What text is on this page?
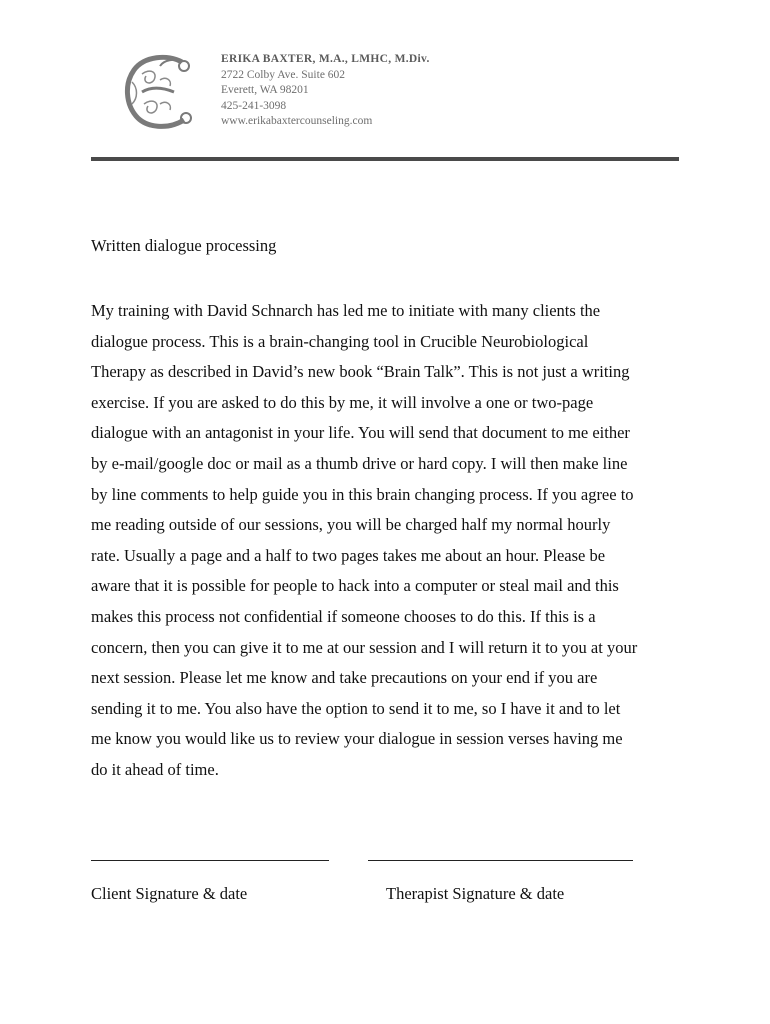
ERIKA BAXTER, M.A., LMHC, M.Div.
2722 Colby Ave. Suite 602
Everett, WA 98201
425-241-3098
www.erikabaxtercounseling.com
Written dialogue processing

My training with David Schnarch has led me to initiate with many clients the
dialogue process. This is a brain-changing tool in Crucible Neurobiological
Therapy as described in David’s new book “Brain Talk”. This is not just a writing
exercise. If you are asked to do this by me, it will involve a one or two-page
dialogue with an antagonist in your life. You will send that document to me either
by e-mail/google doc or mail as a thumb drive or hard copy. I will then make line
by line comments to help guide you in this brain changing process. If you agree to
me reading outside of our sessions, you will be charged half my normal hourly
rate. Usually a page and a half to two pages takes me about an hour. Please be
aware that it is possible for people to hack into a computer or steal mail and this
makes this process not confidential if someone chooses to do this. If this is a
concern, then you can give it to me at our session and I will return it to you at your
next session. Please let me know and take precautions on your end if you are
sending it to me. You also have the option to send it to me, so I have it and to let
me know you would like us to review your dialogue in session verses having me
do it ahead of time.

Client Signature & date	Therapist Signature & date
